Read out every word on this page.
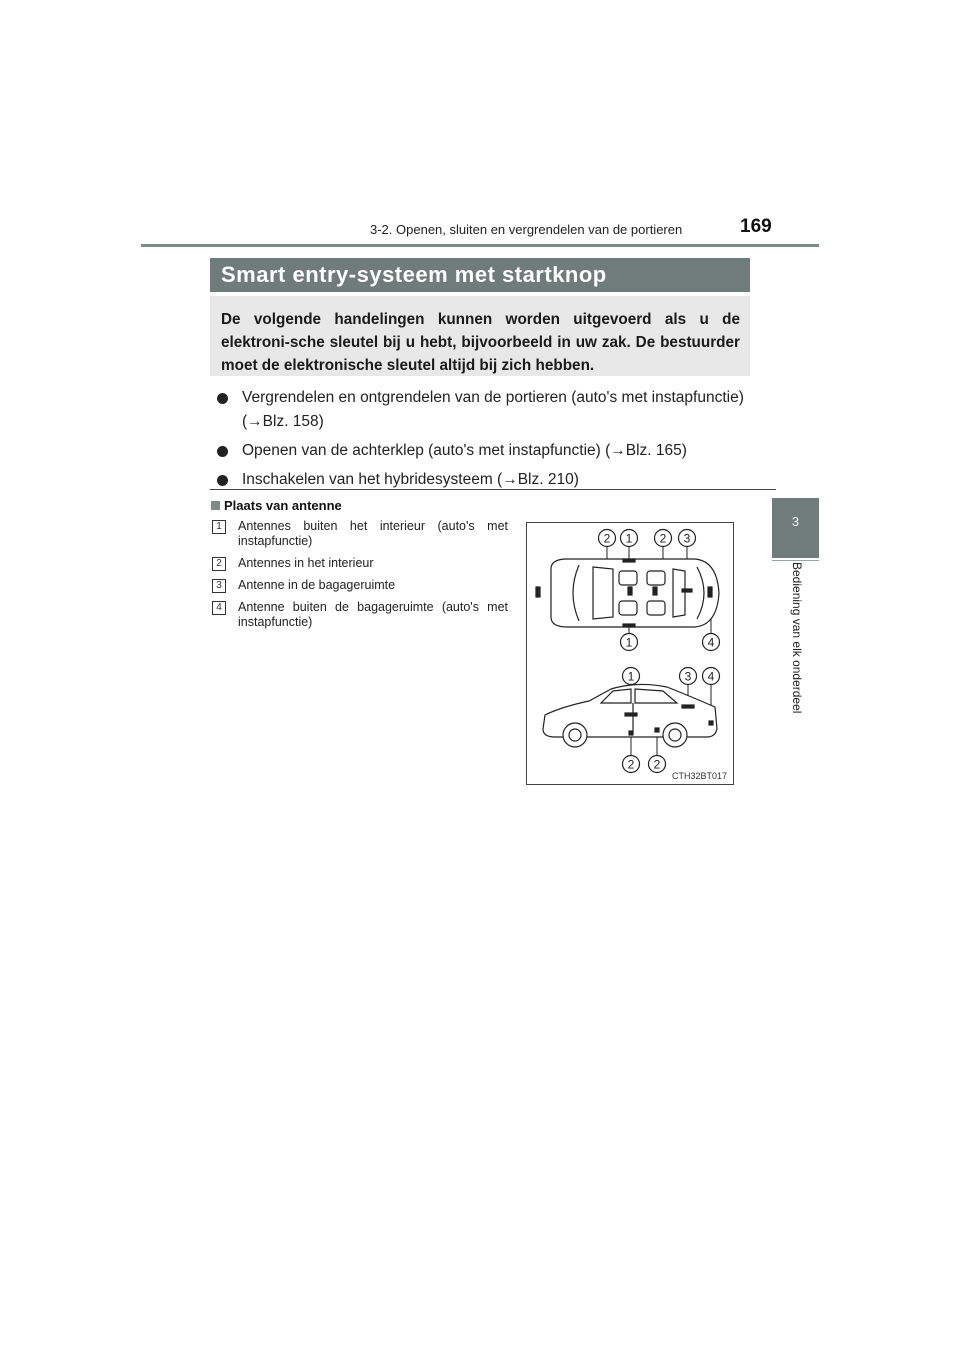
3-2. Openen, sluiten en vergrendelen van de portieren	169
3
Bediening van elk onderdeel
Smart entry-systeem met startknop
De volgende handelingen kunnen worden uitgevoerd als u de elektroni-sche sleutel bij u hebt, bijvoorbeeld in uw zak. De bestuurder moet de elektronische sleutel altijd bij zich hebben.
Vergrendelen en ontgrendelen van de portieren (auto's met instapfunctie) (→Blz. 158)
Openen van de achterklep (auto's met instapfunctie) (→Blz. 165)
Inschakelen van het hybridesysteem (→Blz. 210)
Plaats van antenne
1	Antennes buiten het interieur (auto's met instapfunctie)
2	Antennes in het interieur
3	Antenne in de bagageruimte
4	Antenne buiten de bagageruimte (auto's met instapfunctie)
2 1 2 3
1	4
1	3 4
2 2
CTH32BT017
